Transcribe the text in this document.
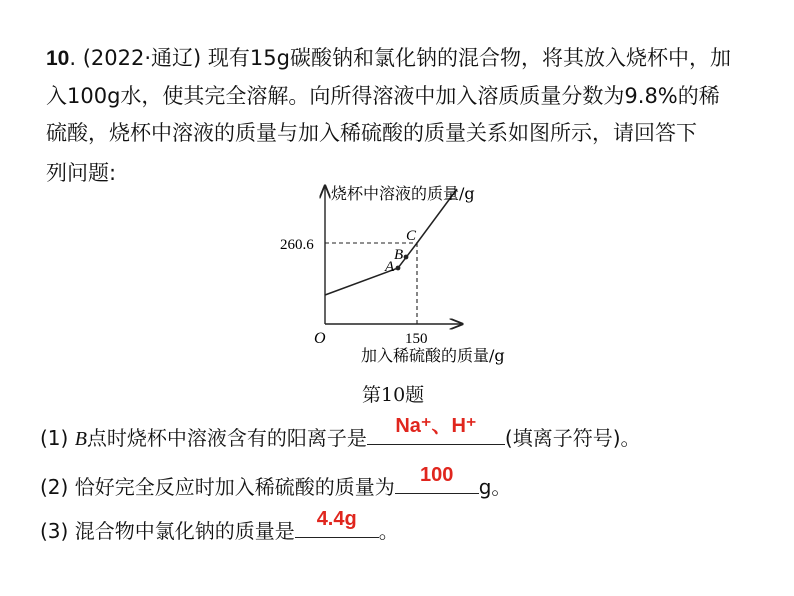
10. (2022·通辽) 现有15g碳酸钠和氯化钠的混合物，将其放入烧杯中，加
入100g水，使其完全溶解。向所得溶液中加入溶质质量分数为9.8%的稀
硫酸，烧杯中溶液的质量与加入稀硫酸的质量关系如图所示，请回答下
列问题:
烧杯中溶液的质量/g
260.6
O	150
加入稀硫酸的质量/g
A
B
C
第10题
(1) B点时烧杯中溶液含有的阳离子是	Na⁺、H⁺	(填离子符号)。
(2) 恰好完全反应时加入稀硫酸的质量为	100	g。
(3) 混合物中氯化钠的质量是	4.4g	。
